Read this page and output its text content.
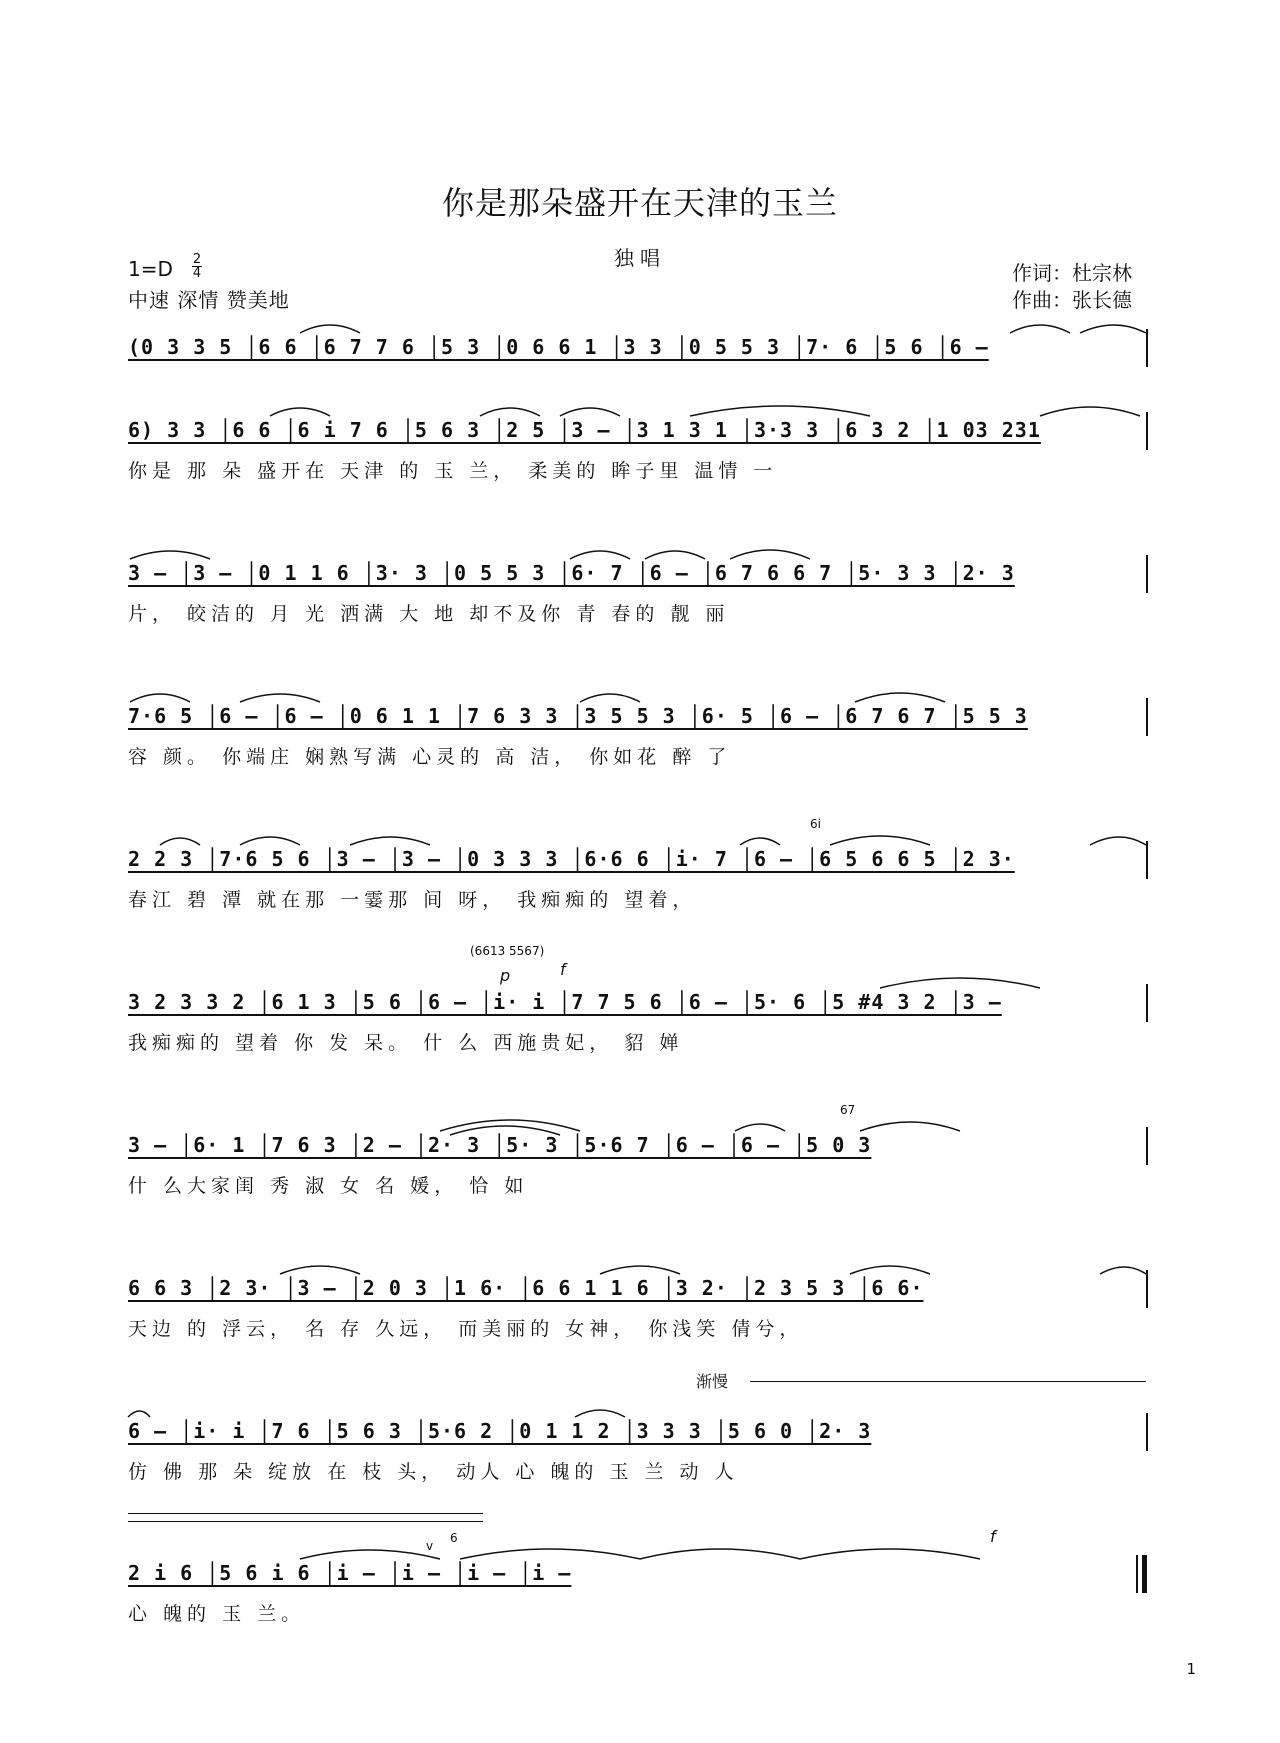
你是那朵盛开在天津的玉兰
独唱
1=D 2
4
中速 深情 赞美地
作词：杜宗林
作曲：张长德
(0 3 3 5 │6 6 │6 7 7 6 │5 3 │0 6 6 1 │3 3 │0 5 5 3 │7· 6 │5 6 │6 –
6) 3 3 │6 6 │6 i 7 6 │5 6 3 │2 5 │3 – │3 1 3 1 │3·3 3 │6 3 2 │1 03 231
你是 那 朵 盛开在 天津 的 玉 兰， 柔美的 眸子里 温情 一
3 – │3 – │0 1 1 6 │3· 3 │0 5 5 3 │6· 7 │6 – │6 7 6 6 7 │5· 3 3 │2· 3
片， 皎洁的 月 光 洒满 大 地 却不及你 青 春的 靓 丽
7·6 5 │6 – │6 – │0 6 1 1 │7 6 3 3 │3 5 5 3 │6· 5 │6 – │6 7 6 7 │5 5 3
容 颜。 你端庄 娴熟写满 心灵的 高 洁， 你如花 醉 了
6i
2 2 3 │7·6 5 6 │3 – │3 – │0 3 3 3 │6·6 6 │i· 7 │6 – │6 5 6 6 5 │2 3·
春江 碧 潭 就在那 一霎那 间 呀， 我痴痴的 望着，
(6613 5567)
p	f
3 2 3 3 2 │6 1 3 │5 6 │6 – │i· i │7 7 5 6 │6 – │5· 6 │5 #4 3 2 │3 –
我痴痴的 望着 你 发 呆。 什 么 西施贵妃， 貂 婵
67
3 – │6· 1 │7 6 3 │2 – │2· 3 │5· 3 │5·6 7 │6 – │6 – │5 0 3
什 么大家闺 秀 淑 女 名 媛， 恰 如
6 6 3 │2 3· │3 – │2 0 3 │1 6· │6 6 1 1 6 │3 2· │2 3 5 3 │6 6·
天边 的 浮云， 名 存 久远， 而美丽的 女神， 你浅笑 倩兮，
渐慢
6 – │i· i │7 6 │5 6 3 │5·6 2 │0 1 1 2 │3 3 3 │5 6 0 │2· 3
仿 佛 那 朵 绽放 在 枝 头， 动人 心 魄的 玉 兰 动 人
v
6	f
2 i 6 │5 6 i 6 │i – │i – │i – │i –
心 魄的 玉 兰。
1
